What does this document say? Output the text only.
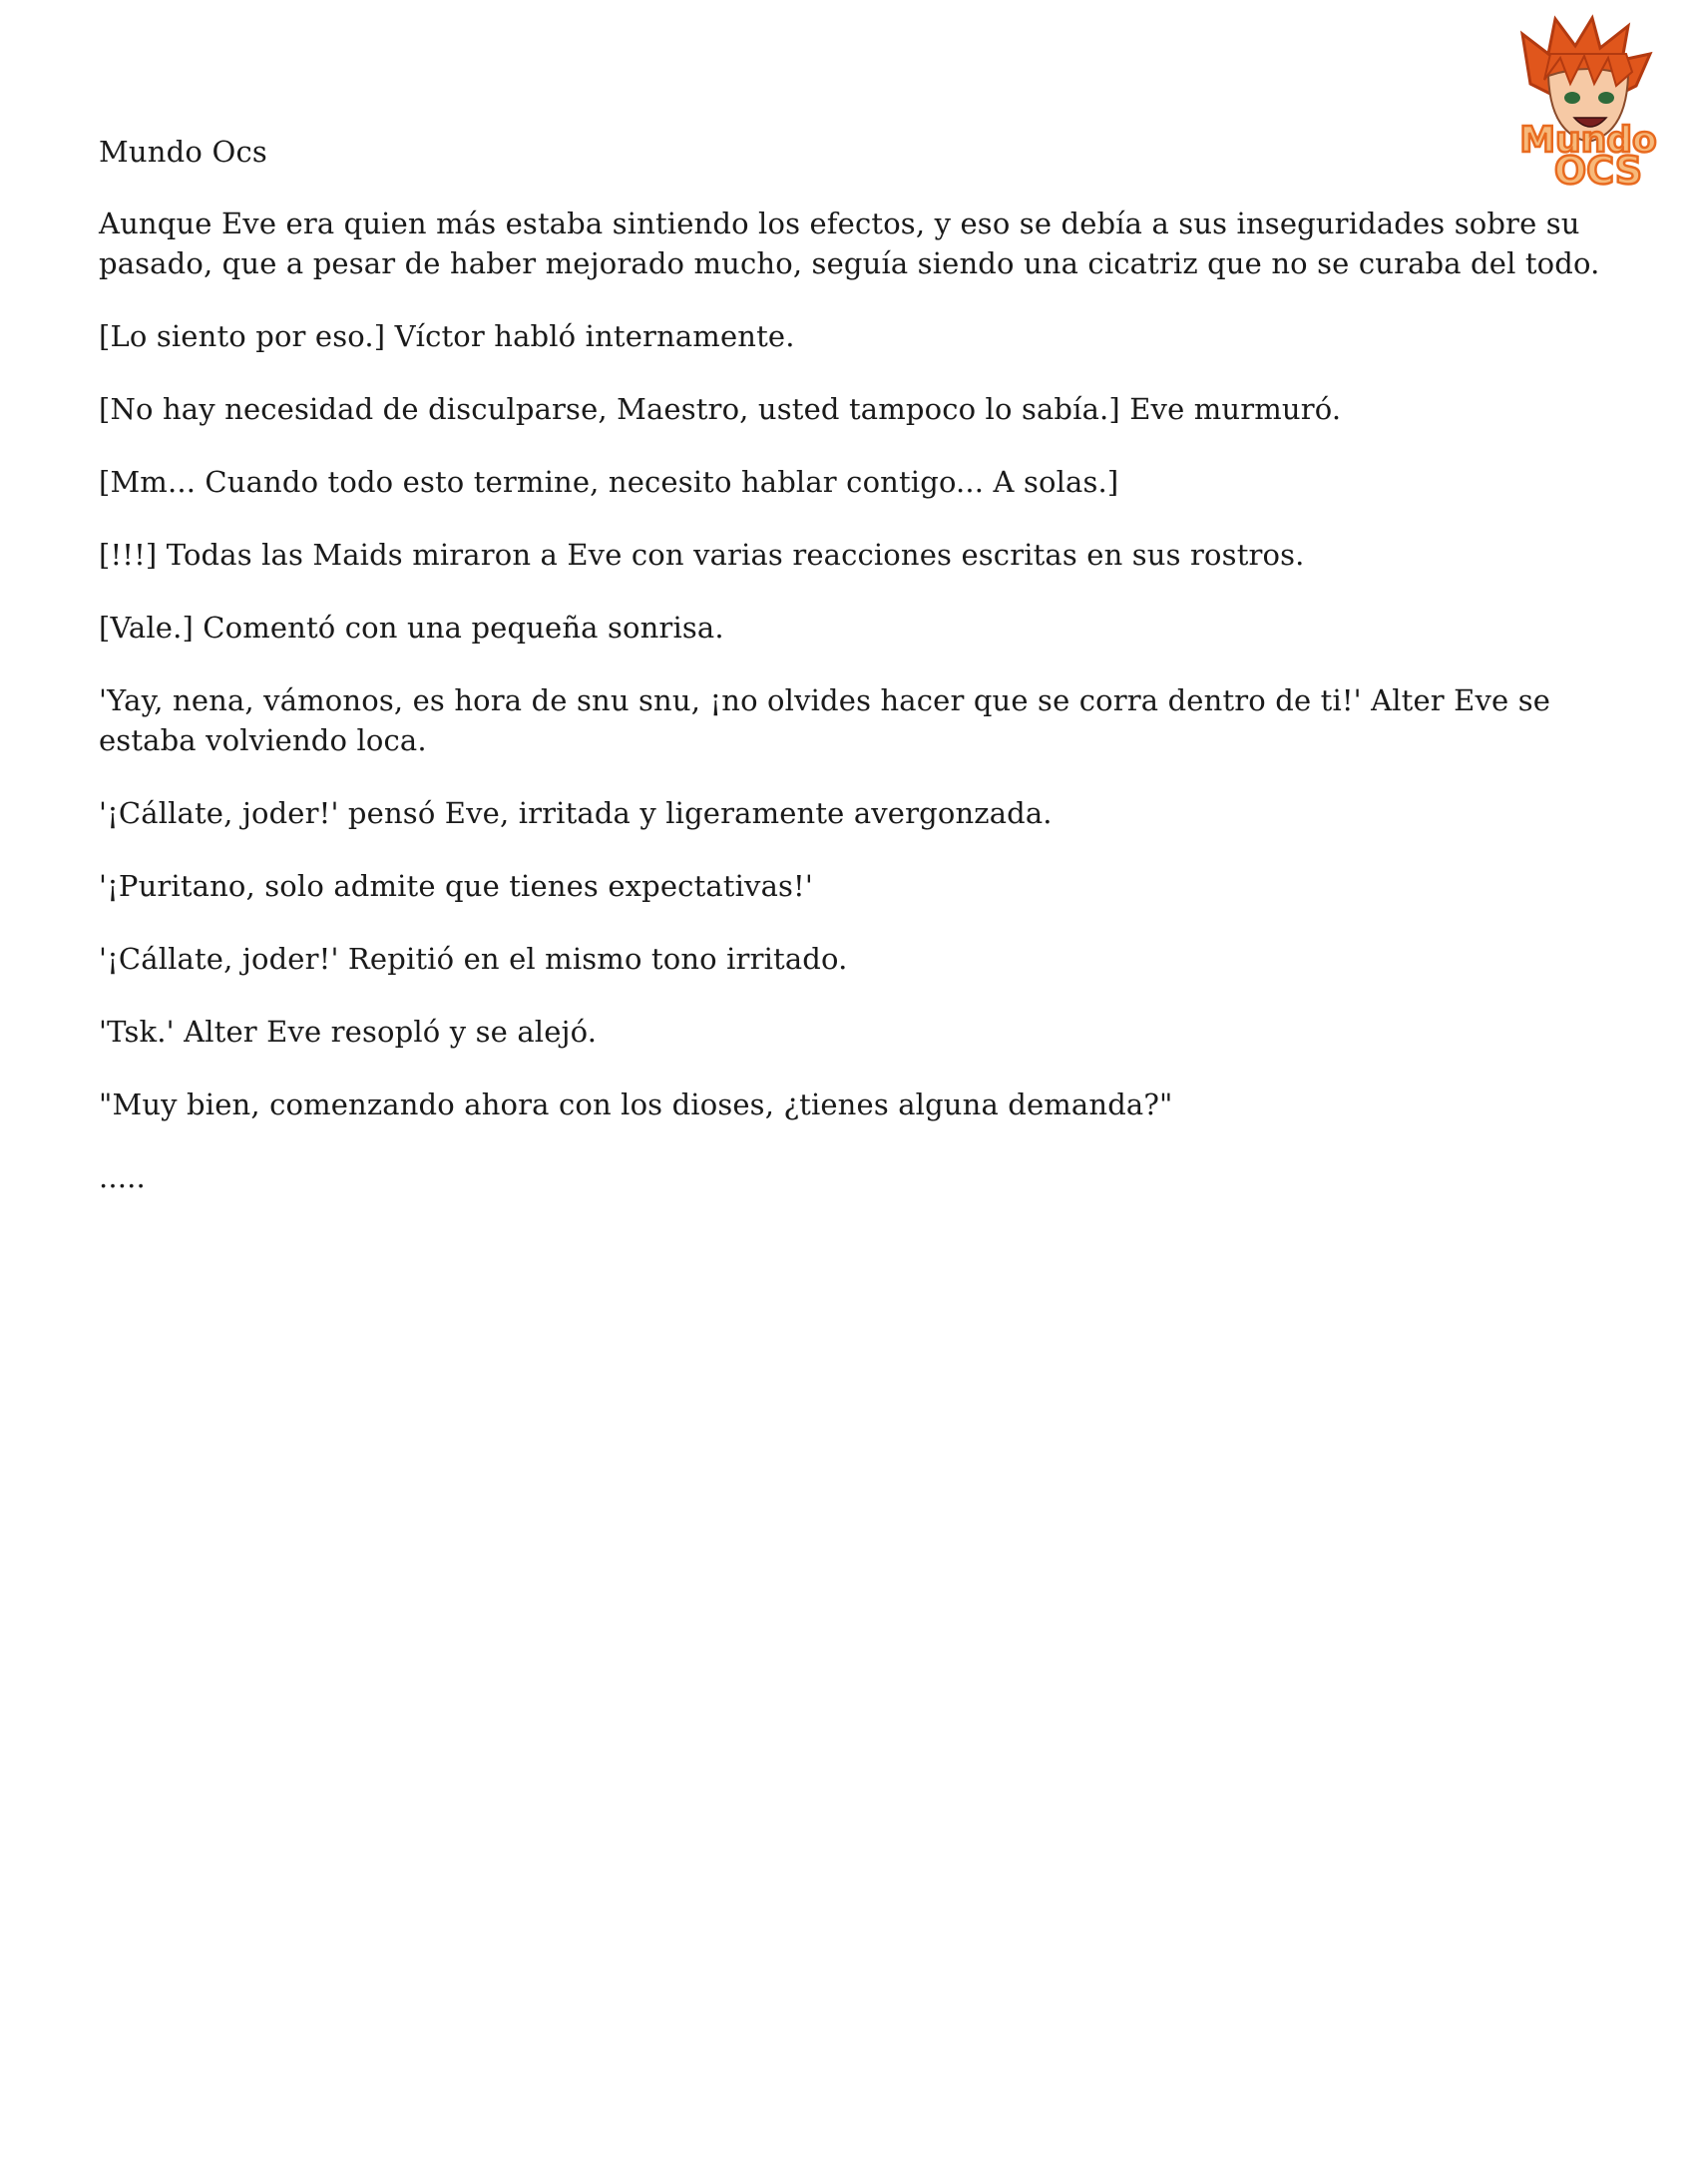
Mundo Ocs	Mundo
OCS

Aunque Eve era quien más estaba sintiendo los efectos, y eso se debía a sus inseguridades sobre su pasado, que a pesar de haber mejorado mucho, seguía siendo una cicatriz que no se curaba del todo.

[Lo siento por eso.] Víctor habló internamente.

[No hay necesidad de disculparse, Maestro, usted tampoco lo sabía.] Eve murmuró.

[Mm... Cuando todo esto termine, necesito hablar contigo... A solas.]

[!!!] Todas las Maids miraron a Eve con varias reacciones escritas en sus rostros.

[Vale.] Comentó con una pequeña sonrisa.

'Yay, nena, vámonos, es hora de snu snu, ¡no olvides hacer que se corra dentro de ti!' Alter Eve se estaba volviendo loca.

'¡Cállate, joder!' pensó Eve, irritada y ligeramente avergonzada.

'¡Puritano, solo admite que tienes expectativas!'

'¡Cállate, joder!' Repitió en el mismo tono irritado.

'Tsk.' Alter Eve resopló y se alejó.

"Muy bien, comenzando ahora con los dioses, ¿tienes alguna demanda?"

.....
